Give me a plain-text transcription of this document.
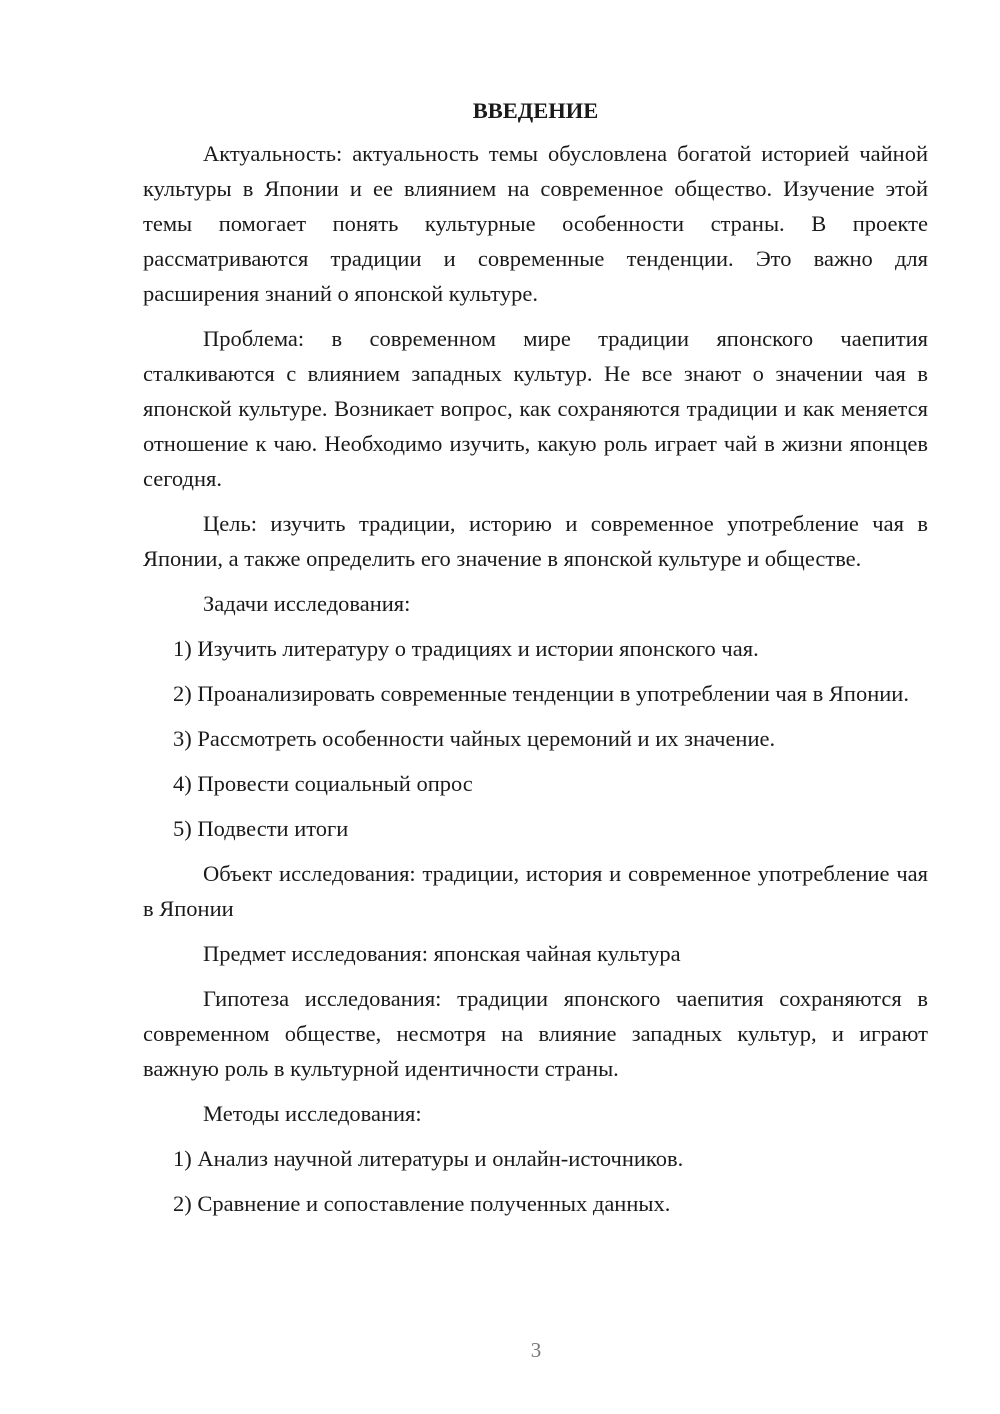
ВВЕДЕНИЕ

Актуальность: актуальность темы обусловлена богатой историей чайной культуры в Японии и ее влиянием на современное общество. Изучение этой темы помогает понять культурные особенности страны. В проекте рассматриваются традиции и современные тенденции. Это важно для расширения знаний о японской культуре.

Проблема: в современном мире традиции японского чаепития сталкиваются с влиянием западных культур. Не все знают о значении чая в японской культуре. Возникает вопрос, как сохраняются традиции и как меняется отношение к чаю. Необходимо изучить, какую роль играет чай в жизни японцев сегодня.

Цель: изучить традиции, историю и современное употребление чая в Японии, а также определить его значение в японской культуре и обществе.

Задачи исследования:

1) Изучить литературу о традициях и истории японского чая.

2) Проанализировать современные тенденции в употреблении чая в Японии.

3) Рассмотреть особенности чайных церемоний и их значение.

4) Провести социальный опрос

5) Подвести итоги

Объект исследования: традиции, история и современное употребление чая в Японии

Предмет исследования: японская чайная культура

Гипотеза исследования: традиции японского чаепития сохраняются в современном обществе, несмотря на влияние западных культур, и играют важную роль в культурной идентичности страны.

Методы исследования:

1) Анализ научной литературы и онлайн-источников.

2) Сравнение и сопоставление полученных данных.

3
